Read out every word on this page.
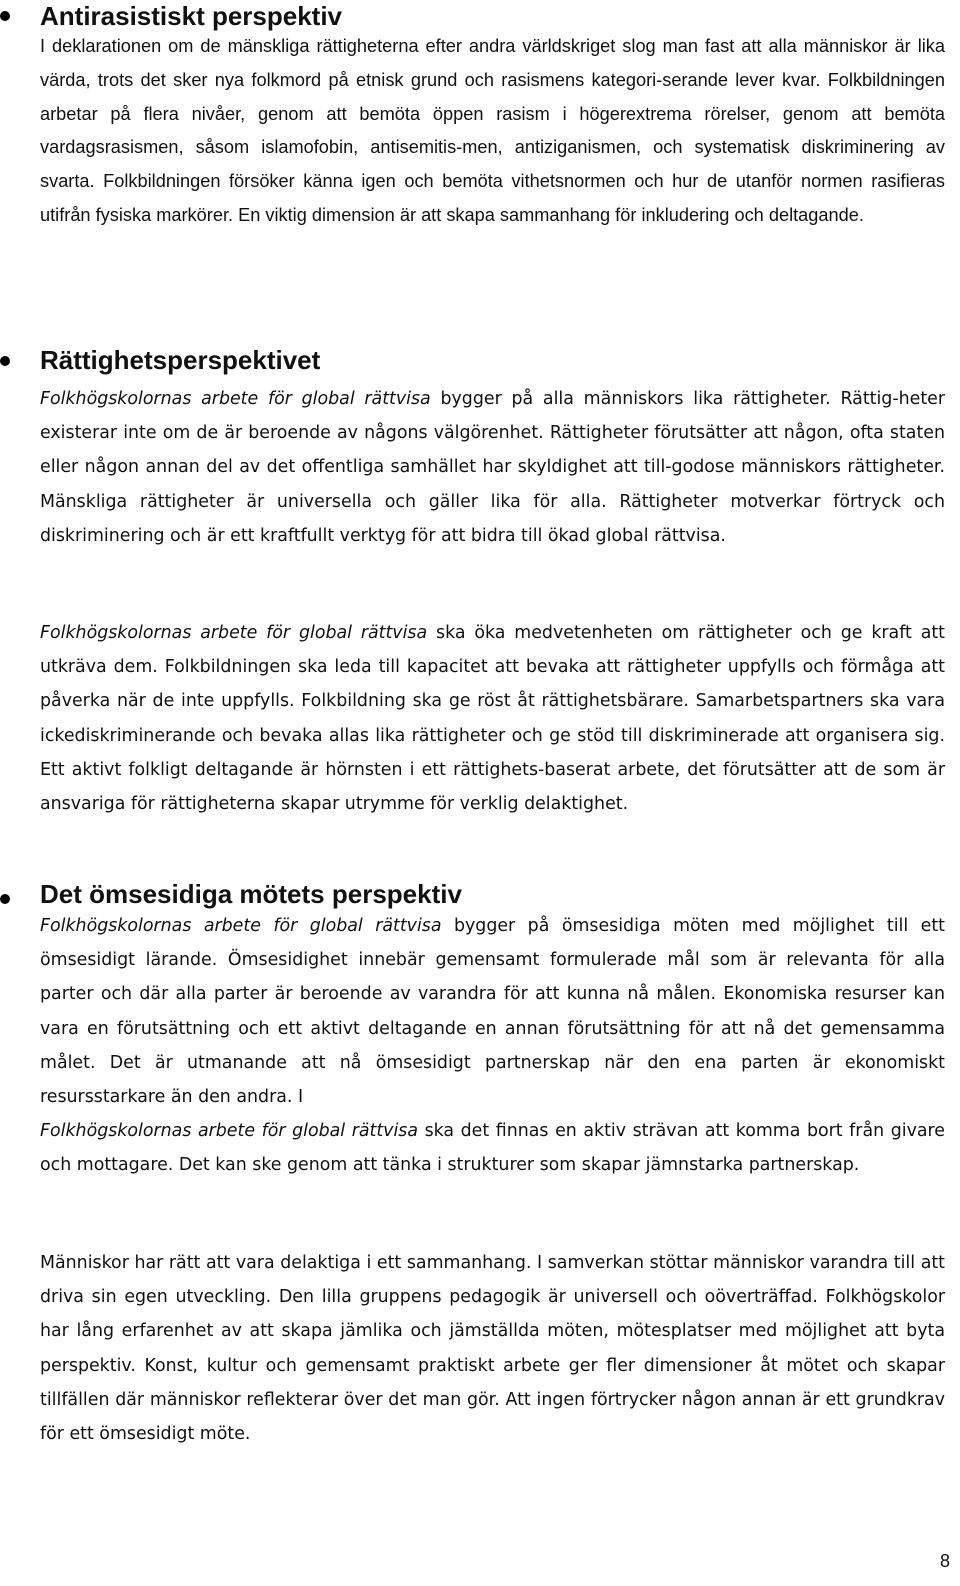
Antirasistiskt perspektiv

I deklarationen om de mänskliga rättigheterna efter andra världskriget slog man fast att alla människor är lika värda, trots det sker nya folkmord på etnisk grund och rasismens kategori-serande lever kvar. Folkbildningen arbetar på flera nivåer, genom att bemöta öppen rasism i högerextrema rörelser, genom att bemöta vardagsrasismen, såsom islamofobin, antisemitis-men, antiziganismen, och systematisk diskriminering av svarta. Folkbildningen försöker känna igen och bemöta vithetsnormen och hur de utanför normen rasifieras utifrån fysiska markörer. En viktig dimension är att skapa sammanhang för inkludering och deltagande.

Rättighetsperspektivet

Folkhögskolornas arbete för global rättvisa bygger på alla människors lika rättigheter. Rättig-heter existerar inte om de är beroende av någons välgörenhet. Rättigheter förutsätter att någon, ofta staten eller någon annan del av det offentliga samhället har skyldighet att till-godose människors rättigheter. Mänskliga rättigheter är universella och gäller lika för alla. Rättigheter motverkar förtryck och diskriminering och är ett kraftfullt verktyg för att bidra till ökad global rättvisa.

Folkhögskolornas arbete för global rättvisa ska öka medvetenheten om rättigheter och ge kraft att utkräva dem. Folkbildningen ska leda till kapacitet att bevaka att rättigheter uppfylls och förmåga att påverka när de inte uppfylls. Folkbildning ska ge röst åt rättighetsbärare. Samarbetspartners ska vara ickediskriminerande och bevaka allas lika rättigheter och ge stöd till diskriminerade att organisera sig. Ett aktivt folkligt deltagande är hörnsten i ett rättighets-baserat arbete, det förutsätter att de som är ansvariga för rättigheterna skapar utrymme för verklig delaktighet.

Det ömsesidiga mötets perspektiv

Folkhögskolornas arbete för global rättvisa bygger på ömsesidiga möten med möjlighet till ett ömsesidigt lärande. Ömsesidighet innebär gemensamt formulerade mål som är relevanta för alla parter och där alla parter är beroende av varandra för att kunna nå målen. Ekonomiska resurser kan vara en förutsättning och ett aktivt deltagande en annan förutsättning för att nå det gemensamma målet. Det är utmanande att nå ömsesidigt partnerskap när den ena parten är ekonomiskt resursstarkare än den andra. I
Folkhögskolornas arbete för global rättvisa ska det finnas en aktiv strävan att komma bort från givare och mottagare. Det kan ske genom att tänka i strukturer som skapar jämnstarka partnerskap.

Människor har rätt att vara delaktiga i ett sammanhang. I samverkan stöttar människor varandra till att driva sin egen utveckling. Den lilla gruppens pedagogik är universell och oöverträffad. Folkhögskolor har lång erfarenhet av att skapa jämlika och jämställda möten, mötesplatser med möjlighet att byta perspektiv. Konst, kultur och gemensamt praktiskt arbete ger fler dimensioner åt mötet och skapar tillfällen där människor reflekterar över det man gör. Att ingen förtrycker någon annan är ett grundkrav för ett ömsesidigt möte.

8
